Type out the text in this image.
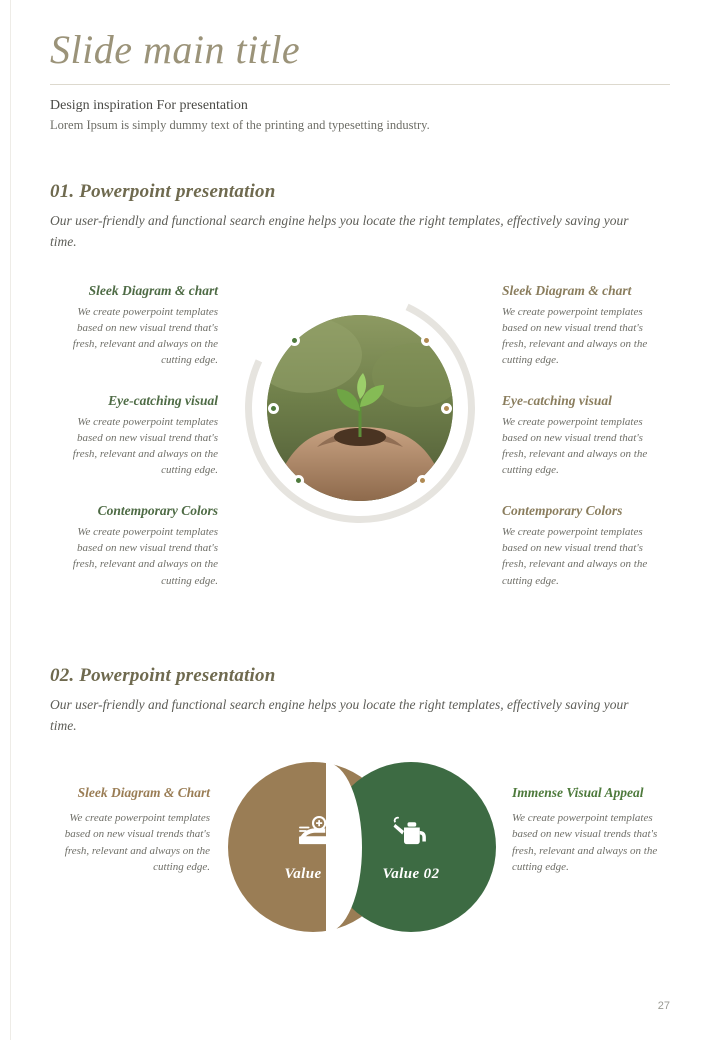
Slide main title
Design inspiration For presentation
Lorem Ipsum is simply dummy text of the printing and typesetting industry.
01. Powerpoint presentation
Our user-friendly and functional search engine helps you locate the right templates, effectively saving your time.
Sleek Diagram & chart
We create powerpoint templates based on new visual trend that's fresh, relevant and always on the cutting edge.
Eye-catching visual
We create powerpoint templates based on new visual trend that's fresh, relevant and always on the cutting edge.
Contemporary Colors
We create powerpoint templates based on new visual trend that's fresh, relevant and always on the cutting edge.
Sleek Diagram & chart
We create powerpoint templates based on new visual trend that's fresh, relevant and always on the cutting edge.
Eye-catching visual
We create powerpoint templates based on new visual trend that's fresh, relevant and always on the cutting edge.
Contemporary Colors
We create powerpoint templates based on new visual trend that's fresh, relevant and always on the cutting edge.
02. Powerpoint presentation
Our user-friendly and functional search engine helps you locate the right templates, effectively saving your time.
Sleek Diagram & Chart
We create powerpoint templates based on new visual trends that's fresh, relevant and always on the cutting edge.	Value 01	Value 02
Immense Visual Appeal
We create powerpoint templates based on new visual trends that's fresh, relevant and always on the cutting edge.
27
